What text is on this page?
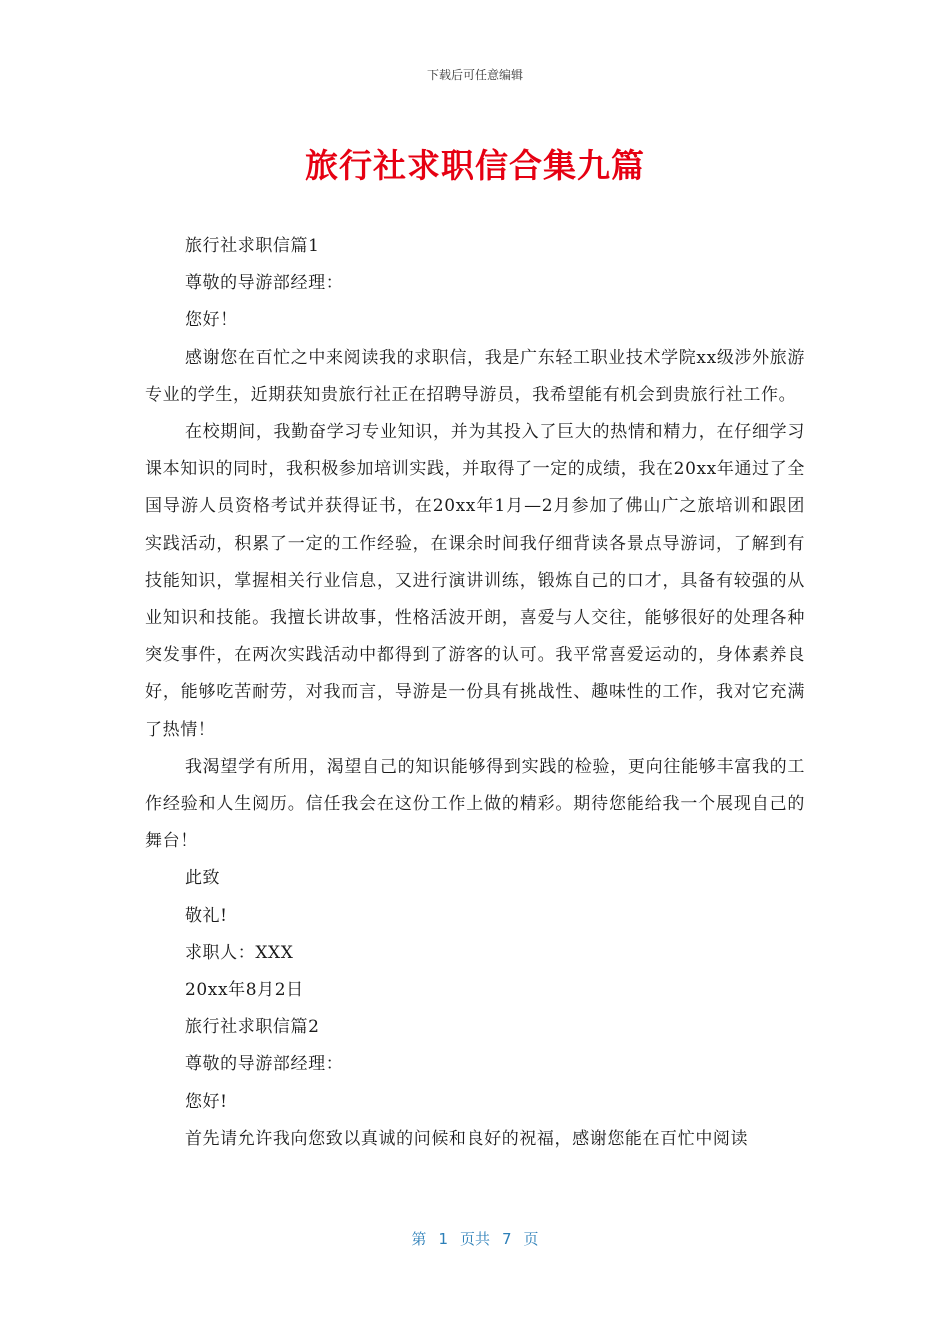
下载后可任意编辑
旅行社求职信合集九篇

旅行社求职信篇1

尊敬的导游部经理：

您好！

感谢您在百忙之中来阅读我的求职信，我是广东轻工职业技术学院xx级涉外旅游专业的学生，近期获知贵旅行社正在招聘导游员，我希望能有机会到贵旅行社工作。

在校期间，我勤奋学习专业知识，并为其投入了巨大的热情和精力，在仔细学习课本知识的同时，我积极参加培训实践，并取得了一定的成绩，我在20xx年通过了全国导游人员资格考试并获得证书，在20xx年1月—2月参加了佛山广之旅培训和跟团实践活动，积累了一定的工作经验，在课余时间我仔细背读各景点导游词，了解到有技能知识，掌握相关行业信息，又进行演讲训练，锻炼自己的口才，具备有较强的从业知识和技能。我擅长讲故事，性格活波开朗，喜爱与人交往，能够很好的处理各种突发事件，在两次实践活动中都得到了游客的认可。我平常喜爱运动的，身体素养良好，能够吃苦耐劳，对我而言，导游是一份具有挑战性、趣味性的工作，我对它充满了热情！

我渴望学有所用，渴望自己的知识能够得到实践的检验，更向往能够丰富我的工作经验和人生阅历。信任我会在这份工作上做的精彩。期待您能给我一个展现自己的舞台！

此致

敬礼!

求职人：XXX

20xx年8月2日

旅行社求职信篇2

尊敬的导游部经理：

您好!

首先请允许我向您致以真诚的问候和良好的祝福，感谢您能在百忙中阅读

第 1 页共 7 页
